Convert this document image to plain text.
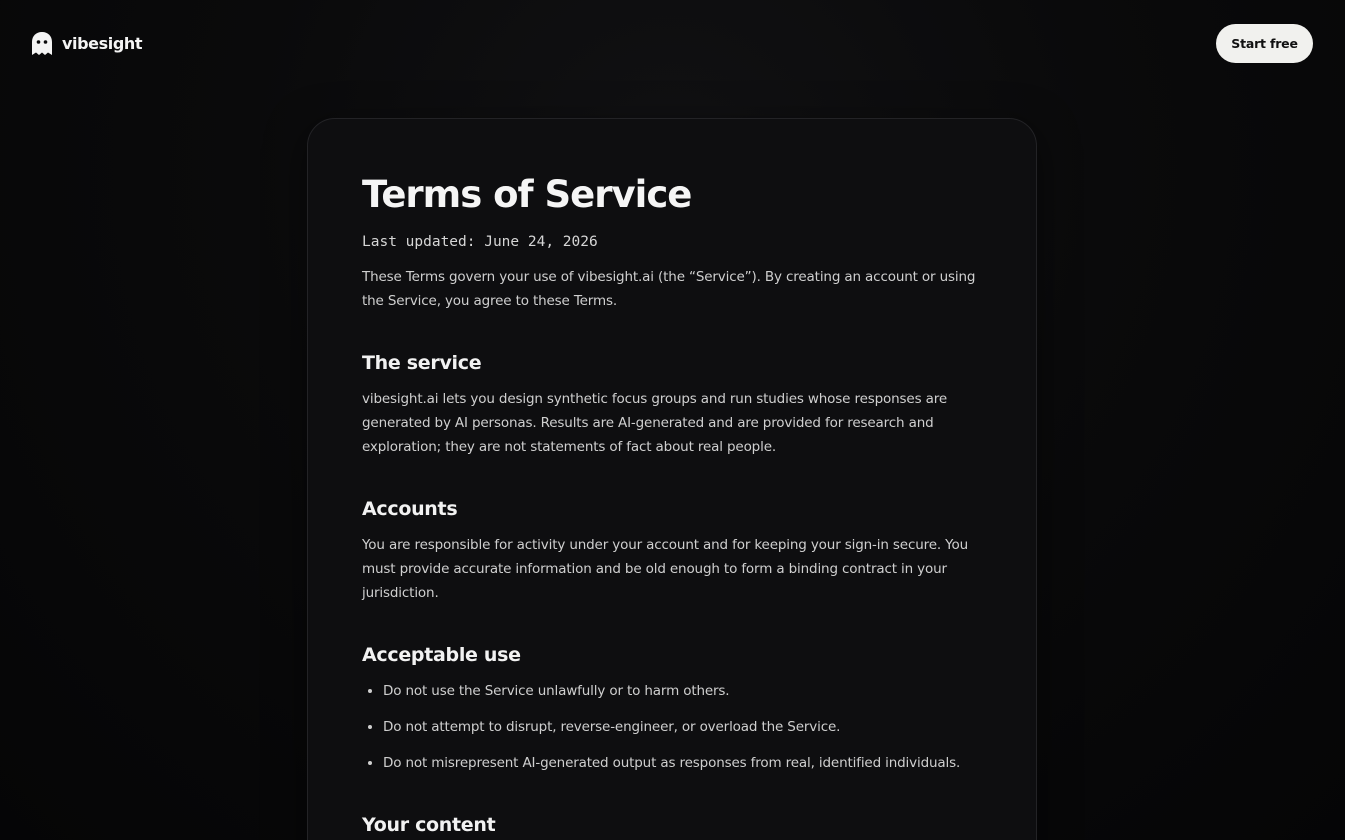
vibesight	Start free
Terms of Service
Last updated: June 24, 2026

These Terms govern your use of vibesight.ai (the “Service”). By creating an account or using the Service, you agree to these Terms.

The service

vibesight.ai lets you design synthetic focus groups and run studies whose responses are generated by AI personas. Results are AI-generated and are provided for research and exploration; they are not statements of fact about real people.

Accounts

You are responsible for activity under your account and for keeping your sign-in secure. You must provide accurate information and be old enough to form a binding contract in your jurisdiction.

Acceptable use
Do not use the Service unlawfully or to harm others.
Do not attempt to disrupt, reverse-engineer, or overload the Service.
Do not misrepresent AI-generated output as responses from real, identified individuals.
Your content
